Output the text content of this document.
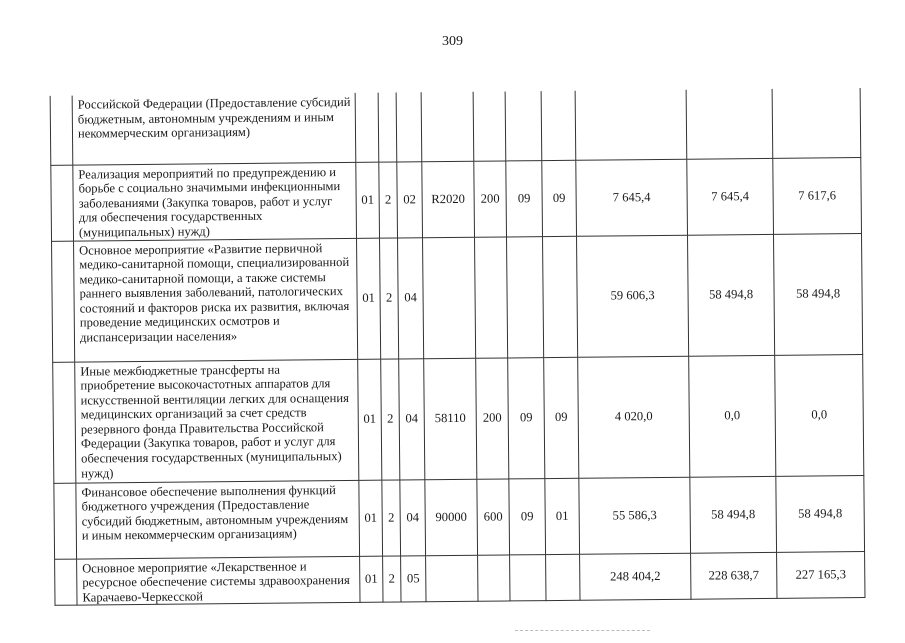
309
	Российской Федерации (Предоставление субсидий бюджетным, автономным учреждениям и иным некоммерческим организациям)										
	Реализация мероприятий по предупреждению и борьбе с социально значимыми инфекционными заболеваниями (Закупка товаров, работ и услуг для обеспечения государственных (муниципальных) нужд)	01	2	02	R2020	200	09	09	7 645,4	7 645,4	7 617,6
	Основное мероприятие «Развитие первичной медико-санитарной помощи, специализированной медико-санитарной помощи, а также системы раннего выявления заболеваний, патологических состояний и факторов риска их развития, включая проведение медицинских осмотров и диспансеризации населения»	01	2	04					59 606,3	58 494,8	58 494,8
	Иные межбюджетные трансферты на приобретение высокочастотных аппаратов для искусственной вентиляции легких для оснащения медицинских организаций за счет средств резервного фонда Правительства Российской Федерации (Закупка товаров, работ и услуг для обеспечения государственных (муниципальных) нужд)	01	2	04	58110	200	09	09	4 020,0	0,0	0,0
	Финансовое обеспечение выполнения функций бюджетного учреждения (Предоставление субсидий бюджетным, автономным учреждениям и иным некоммерческим организациям)	01	2	04	90000	600	09	01	55 586,3	58 494,8	58 494,8
	Основное мероприятие «Лекарственное и ресурсное обеспечение системы здравоохранения Карачаево-Черкесской	01	2	05					248 404,2	228 638,7	227 165,3
